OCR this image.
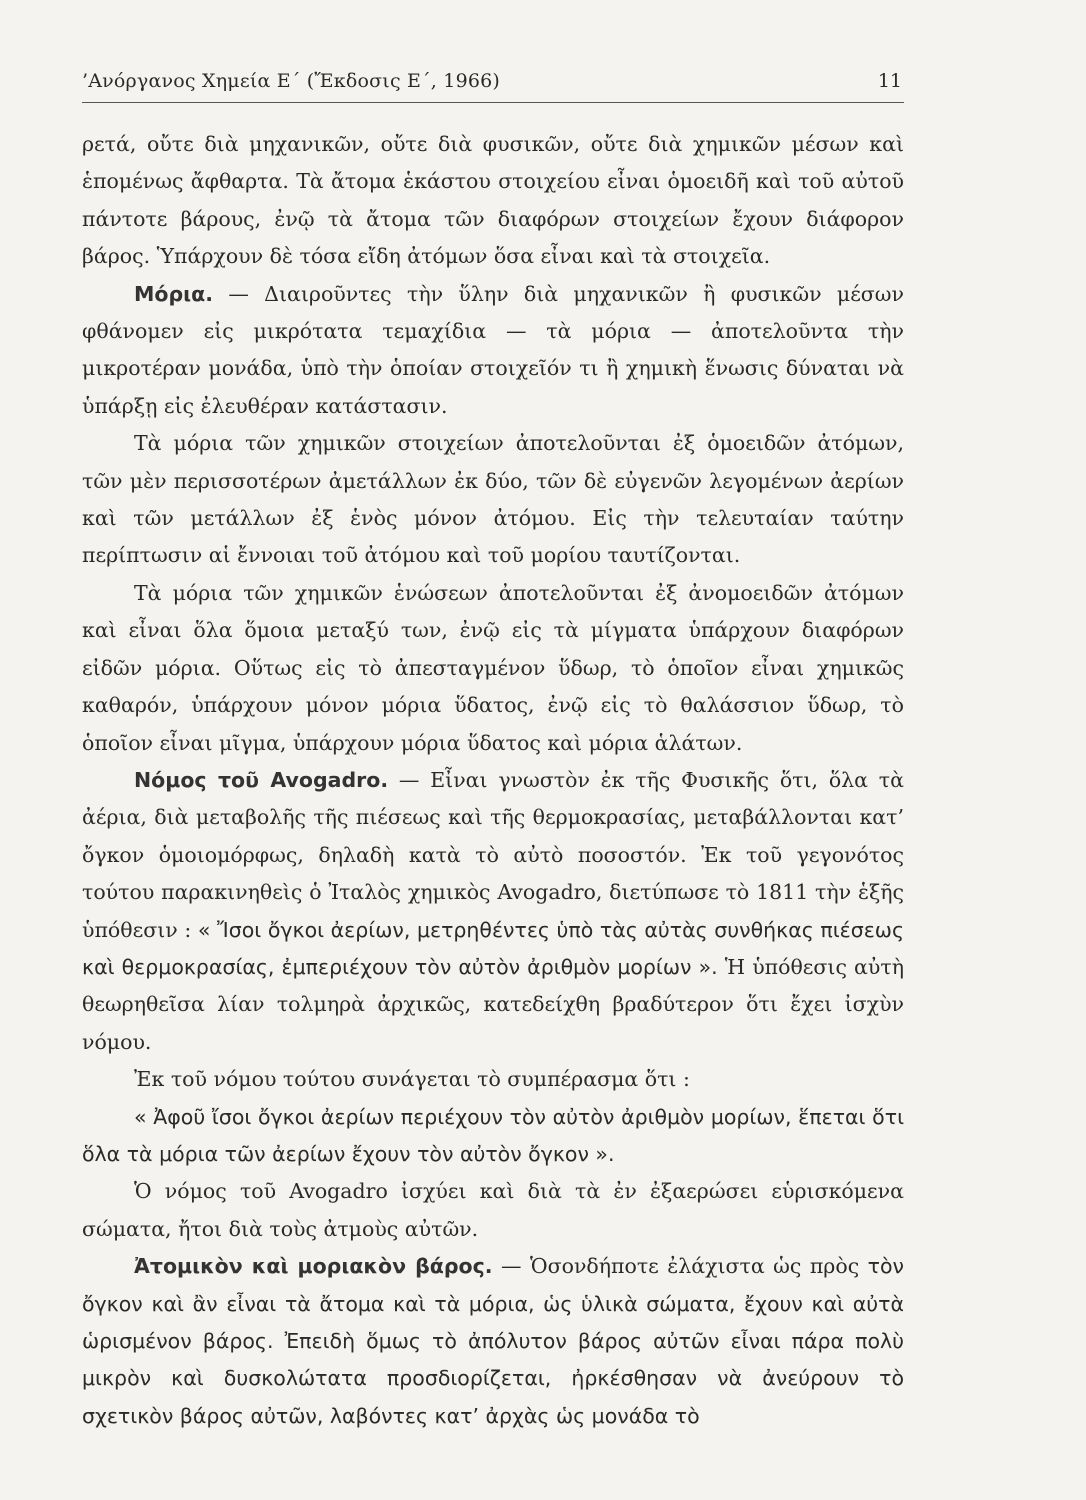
’Ανόργανος Χημεία Ε΄ (Ἔκδοσις Ε΄, 1966)	11

ρετά, οὔτε διὰ μηχανικῶν, οὔτε διὰ φυσικῶν, οὔτε διὰ χημικῶν μέσων καὶ ἑπομένως ἄφθαρτα. Τὰ ἄτομα ἑκάστου στοιχείου εἶναι ὁμοειδῆ καὶ τοῦ αὐτοῦ πάντοτε βάρους, ἐνῷ τὰ ἄτομα τῶν διαφόρων στοιχείων ἔχουν διάφορον βάρος. Ὑπάρχουν δὲ τόσα εἴδη ἀτόμων ὅσα εἶναι καὶ τὰ στοιχεῖα.

Μόρια. — Διαιροῦντες τὴν ὕλην διὰ μηχανικῶν ἢ φυσικῶν μέσων φθάνομεν εἰς μικρότατα τεμαχίδια — τὰ μόρια — ἀποτελοῦντα τὴν μικροτέραν μονάδα, ὑπὸ τὴν ὁποίαν στοιχεῖόν τι ἢ χημικὴ ἕνωσις δύναται νὰ ὑπάρξῃ εἰς ἐλευθέραν κατάστασιν.

Τὰ μόρια τῶν χημικῶν στοιχείων ἀποτελοῦνται ἐξ ὁμοειδῶν ἀτόμων, τῶν μὲν περισσοτέρων ἀμετάλλων ἐκ δύο, τῶν δὲ εὐγενῶν λεγομένων ἀερίων καὶ τῶν μετάλλων ἐξ ἑνὸς μόνον ἀτόμου. Εἰς τὴν τελευταίαν ταύτην περίπτωσιν αἱ ἔννοιαι τοῦ ἀτόμου καὶ τοῦ μορίου ταυτίζονται.

Τὰ μόρια τῶν χημικῶν ἑνώσεων ἀποτελοῦνται ἐξ ἀνομοειδῶν ἀτόμων καὶ εἶναι ὅλα ὅμοια μεταξύ των, ἐνῷ εἰς τὰ μίγματα ὑπάρχουν διαφόρων εἰδῶν μόρια. Οὕτως εἰς τὸ ἀπεσταγμένον ὕδωρ, τὸ ὁποῖον εἶναι χημικῶς καθαρόν, ὑπάρχουν μόνον μόρια ὕδατος, ἐνῷ εἰς τὸ θαλάσσιον ὕδωρ, τὸ ὁποῖον εἶναι μῖγμα, ὑπάρχουν μόρια ὕδατος καὶ μόρια ἁλάτων.

Νόμος τοῦ Avogadro. — Εἶναι γνωστὸν ἐκ τῆς Φυσικῆς ὅτι, ὅλα τὰ ἀέρια, διὰ μεταβολῆς τῆς πιέσεως καὶ τῆς θερμοκρασίας, μεταβάλλονται κατ’ ὄγκον ὁμοιομόρφως, δηλαδὴ κατὰ τὸ αὐτὸ ποσοστόν. Ἐκ τοῦ γεγονότος τούτου παρακινηθεὶς ὁ Ἰταλὸς χημικὸς Avogadro, διετύπωσε τὸ 1811 τὴν ἑξῆς ὑπόθεσιν : « Ἴσοι ὄγκοι ἀερίων, μετρηθέντες ὑπὸ τὰς αὐτὰς συνθήκας πιέσεως καὶ θερμοκρασίας, ἐμπεριέχουν τὸν αὐτὸν ἀριθμὸν μορίων ». Ἡ ὑπόθεσις αὐτὴ θεωρηθεῖσα λίαν τολμηρὰ ἀρχικῶς, κατεδείχθη βραδύτερον ὅτι ἔχει ἰσχὺν νόμου.

Ἐκ τοῦ νόμου τούτου συνάγεται τὸ συμπέρασμα ὅτι :

« Ἀφοῦ ἴσοι ὄγκοι ἀερίων περιέχουν τὸν αὐτὸν ἀριθμὸν μορίων, ἕπεται ὅτι ὅλα τὰ μόρια τῶν ἀερίων ἔχουν τὸν αὐτὸν ὄγκον ».

Ὁ νόμος τοῦ Avogadro ἰσχύει καὶ διὰ τὰ ἐν ἐξαερώσει εὑρισκόμενα σώματα, ἤτοι διὰ τοὺς ἀτμοὺς αὐτῶν.

Ἀτομικὸν καὶ μοριακὸν βάρος. — Ὁσονδήποτε ἐλάχιστα ὡς πρὸς τὸν ὄγκον καὶ ἂν εἶναι τὰ ἄτομα καὶ τὰ μόρια, ὡς ὑλικὰ σώματα, ἔχουν καὶ αὐτὰ ὡρισμένον βάρος. Ἐπειδὴ ὅμως τὸ ἀπόλυτον βάρος αὐτῶν εἶναι πάρα πολὺ μικρὸν καὶ δυσκολώτατα προσδιορίζεται, ἠρκέσθησαν νὰ ἀνεύρουν τὸ σχετικὸν βάρος αὐτῶν, λαβόντες κατ’ ἀρχὰς ὡς μονάδα τὸ
